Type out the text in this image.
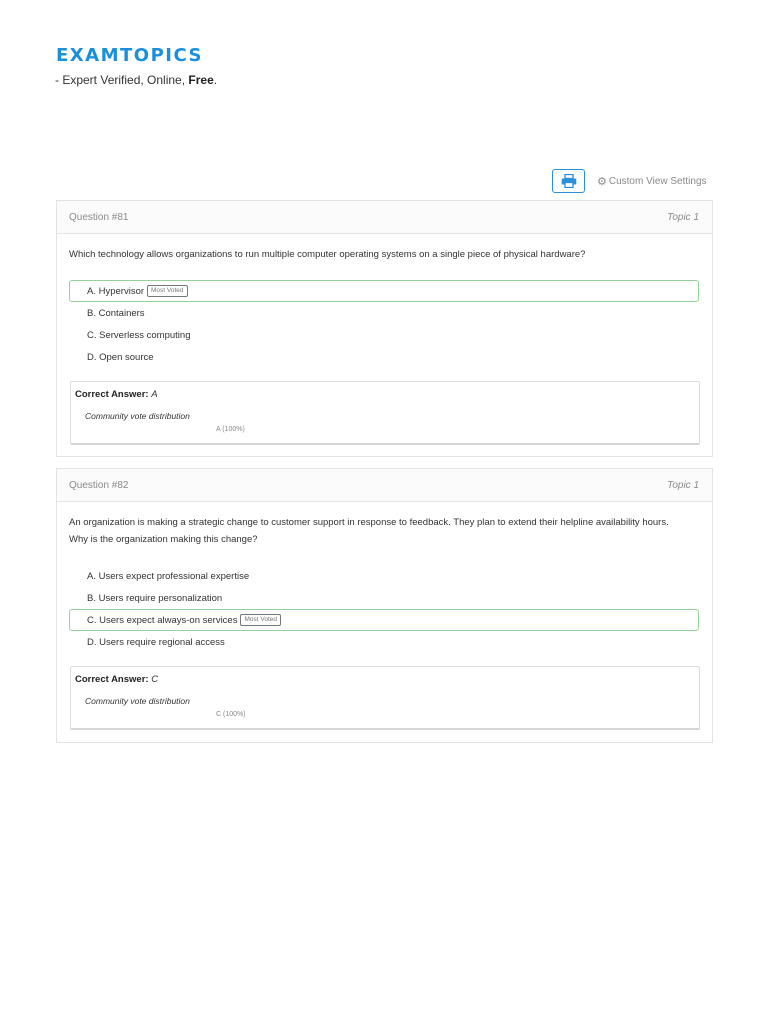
EXAMTOPICS
- Expert Verified, Online, Free.
⚙ Custom View Settings
Question #81	Topic 1
Which technology allows organizations to run multiple computer operating systems on a single piece of physical hardware?
A. Hypervisor	Most Voted
B. Containers
C. Serverless computing
D. Open source
Correct Answer: A
Community vote distribution
A (100%)
Question #82	Topic 1
An organization is making a strategic change to customer support in response to feedback. They plan to extend their helpline availability hours.
Why is the organization making this change?
A. Users expect professional expertise
B. Users require personalization
C. Users expect always-on services	Most Voted
D. Users require regional access
Correct Answer: C
Community vote distribution
C (100%)
